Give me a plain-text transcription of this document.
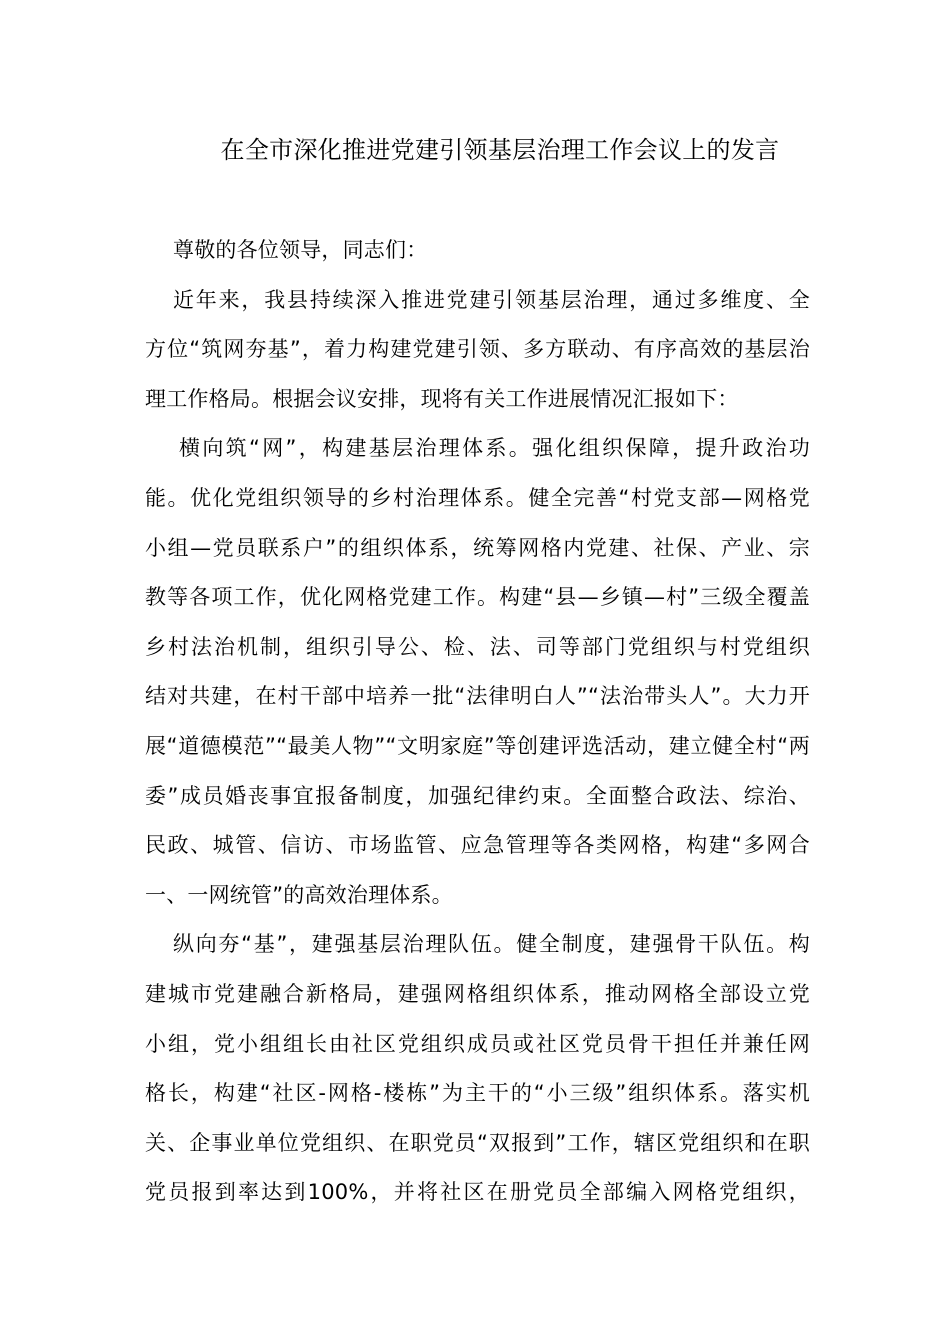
在全市深化推进党建引领基层治理工作会议上的发言
尊敬的各位领导，同志们：
近年来，我县持续深入推进党建引领基层治理，通过多维度、全
方位“筑网夯基”，着力构建党建引领、多方联动、有序高效的基层治
理工作格局。根据会议安排，现将有关工作进展情况汇报如下：
横向筑“网”，构建基层治理体系。强化组织保障，提升政治功
能。优化党组织领导的乡村治理体系。健全完善“村党支部—网格党
小组—党员联系户”的组织体系，统筹网格内党建、社保、产业、宗
教等各项工作，优化网格党建工作。构建“县—乡镇—村”三级全覆盖
乡村法治机制，组织引导公、检、法、司等部门党组织与村党组织
结对共建，在村干部中培养一批“法律明白人”“法治带头人”。大力开
展“道德模范”“最美人物”“文明家庭”等创建评选活动，建立健全村“两
委”成员婚丧事宜报备制度，加强纪律约束。全面整合政法、综治、
民政、城管、信访、市场监管、应急管理等各类网格，构建“多网合
一、一网统管”的高效治理体系。
纵向夯“基”，建强基层治理队伍。健全制度，建强骨干队伍。构
建城市党建融合新格局，建强网格组织体系，推动网格全部设立党
小组，党小组组长由社区党组织成员或社区党员骨干担任并兼任网
格长，构建“社区-网格-楼栋”为主干的“小三级”组织体系。落实机
关、企事业单位党组织、在职党员“双报到”工作，辖区党组织和在职
党员报到率达到100%，并将社区在册党员全部编入网格党组织，
